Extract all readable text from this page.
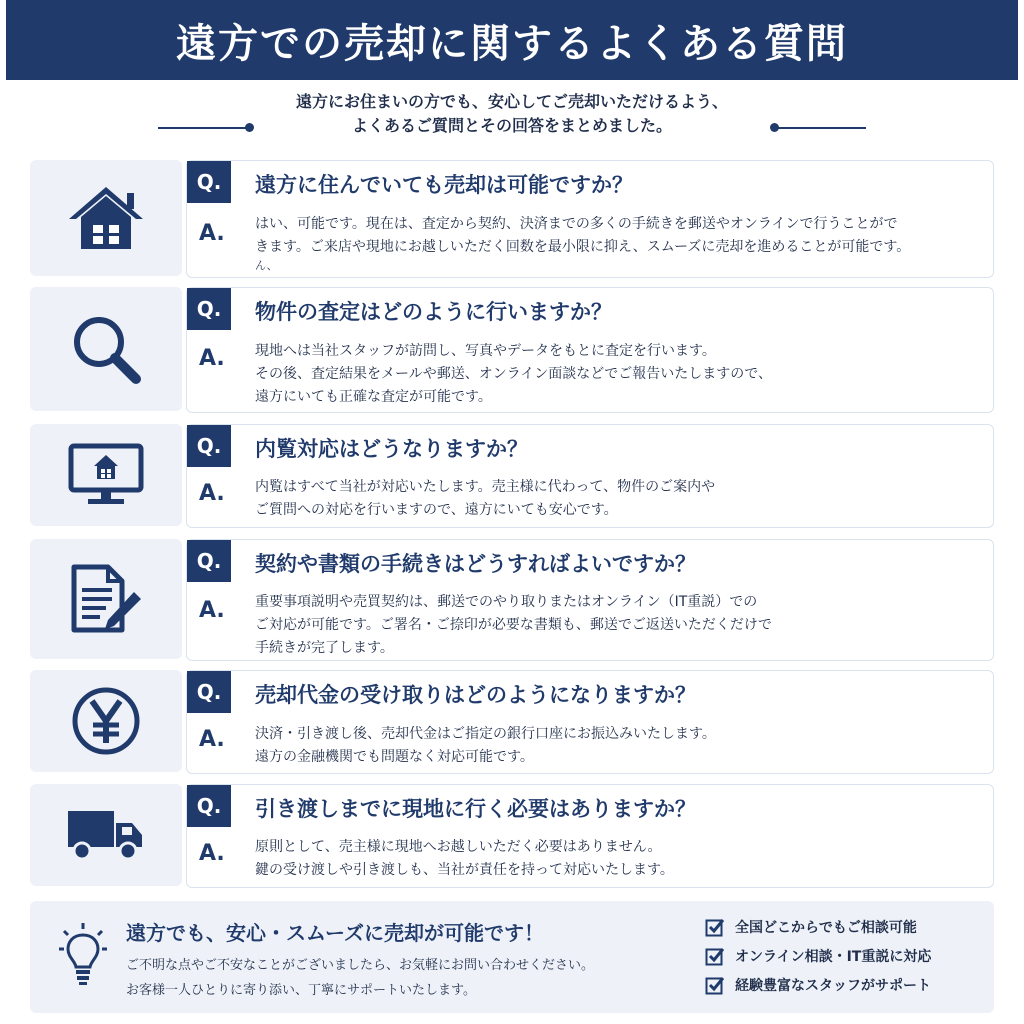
遠方での売却に関するよくある質問
遠方にお住まいの方でも、安心してご売却いただけるよう、
よくあるご質問とその回答をまとめました。
Q.	遠方に住んでいても売却は可能ですか？
A. はい、可能です。現在は、査定から契約、決済までの多くの手続きを郵送やオンラインで行うことがで
きます。ご来店や現地にお越しいただく回数を最小限に抑え、スムーズに売却を進めることが可能です。
ん、
Q.	物件の査定はどのように行いますか？
A. 現地へは当社スタッフが訪問し、写真やデータをもとに査定を行います。
その後、査定結果をメールや郵送、オンライン面談などでご報告いたしますので、
遠方にいても正確な査定が可能です。
Q.	内覧対応はどうなりますか？
A. 内覧はすべて当社が対応いたします。売主様に代わって、物件のご案内や
ご質問への対応を行いますので、遠方にいても安心です。
Q.	契約や書類の手続きはどうすればよいですか？
A. 重要事項説明や売買契約は、郵送でのやり取りまたはオンライン（IT重説）での
ご対応が可能です。ご署名・ご捺印が必要な書類も、郵送でご返送いただくだけで
手続きが完了します。
Q.	売却代金の受け取りはどのようになりますか？
A. 決済・引き渡し後、売却代金はご指定の銀行口座にお振込みいたします。
遠方の金融機関でも問題なく対応可能です。
Q.	引き渡しまでに現地に行く必要はありますか？
A. 原則として、売主様に現地へお越しいただく必要はありません。
鍵の受け渡しや引き渡しも、当社が責任を持って対応いたします。
遠方でも、安心・スムーズに売却が可能です！
ご不明な点やご不安なことがございましたら、お気軽にお問い合わせください。
お客様一人ひとりに寄り添い、丁寧にサポートいたします。
全国どこからでもご相談可能
オンライン相談・IT重説に対応
経験豊富なスタッフがサポート
